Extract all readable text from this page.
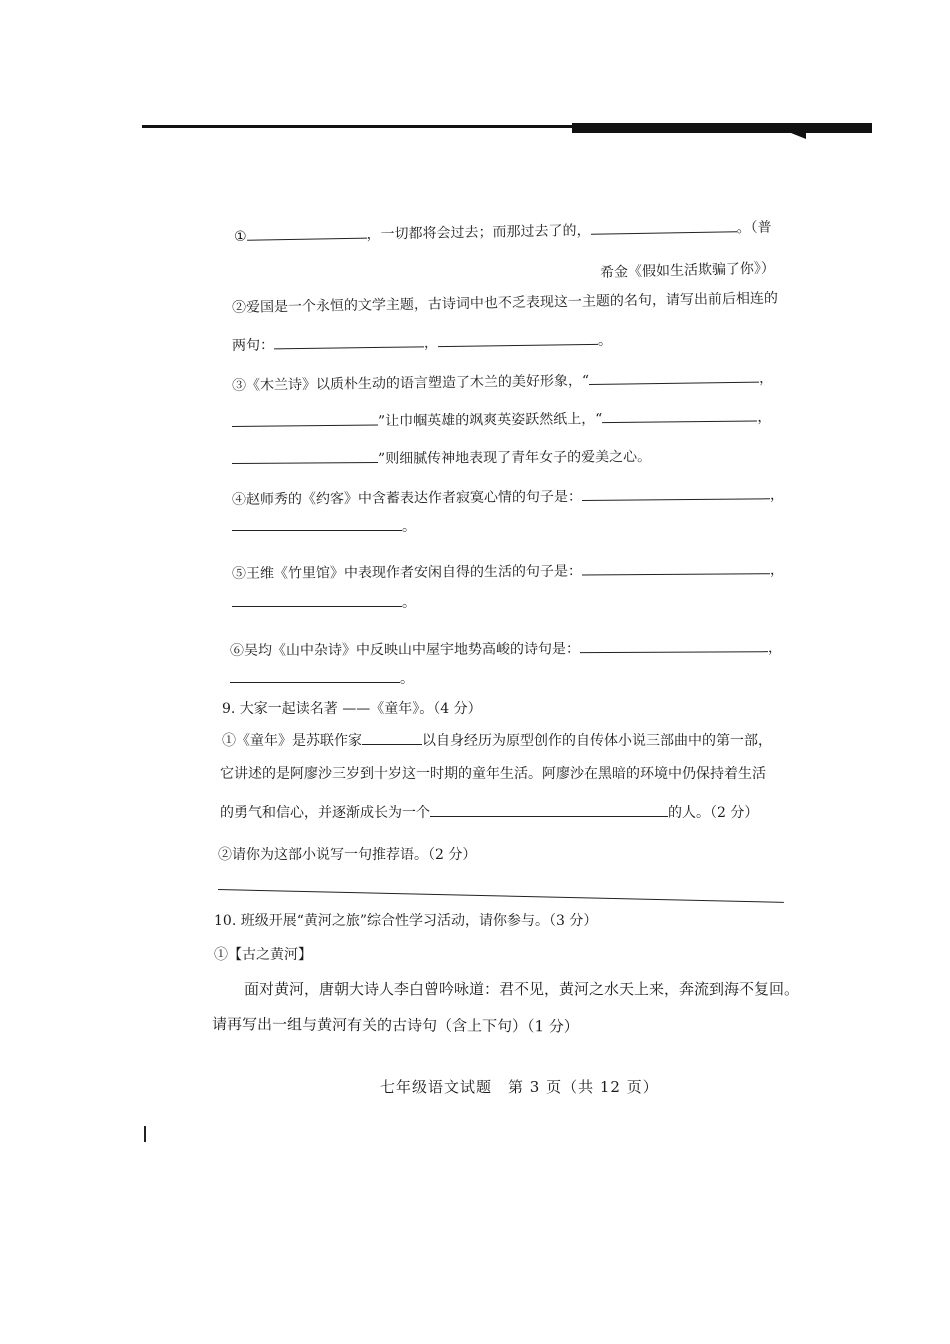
①	，一切都将会过去；而那过去了的，	。（普
希金《假如生活欺骗了你》）
②爱国是一个永恒的文学主题，古诗词中也不乏表现这一主题的名句，请写出前后相连的
两句：	，	。
③《木兰诗》以质朴生动的语言塑造了木兰的美好形象，“	，
”让巾帼英雄的飒爽英姿跃然纸上，“	，
”则细腻传神地表现了青年女子的爱美之心。
④赵师秀的《约客》中含蓄表达作者寂寞心情的句子是：	，
。
⑤王维《竹里馆》中表现作者安闲自得的生活的句子是：	，
。
⑥吴均《山中杂诗》中反映山中屋宇地势高峻的诗句是：	，
。
9. 大家一起读名著 ——《童年》。（4 分）
①《童年》是苏联作家	以自身经历为原型创作的自传体小说三部曲中的第一部，
它讲述的是阿廖沙三岁到十岁这一时期的童年生活。阿廖沙在黑暗的环境中仍保持着生活
的勇气和信心，并逐渐成长为一个	的人。（2 分）
②请你为这部小说写一句推荐语。（2 分）
10. 班级开展“黄河之旅”综合性学习活动，请你参与。（3 分）
①【古之黄河】
面对黄河，唐朝大诗人李白曾吟咏道：君不见，黄河之水天上来，奔流到海不复回。
请再写出一组与黄河有关的古诗句（含上下句）（1 分）
七年级语文试题　第 3 页（共 12 页）
